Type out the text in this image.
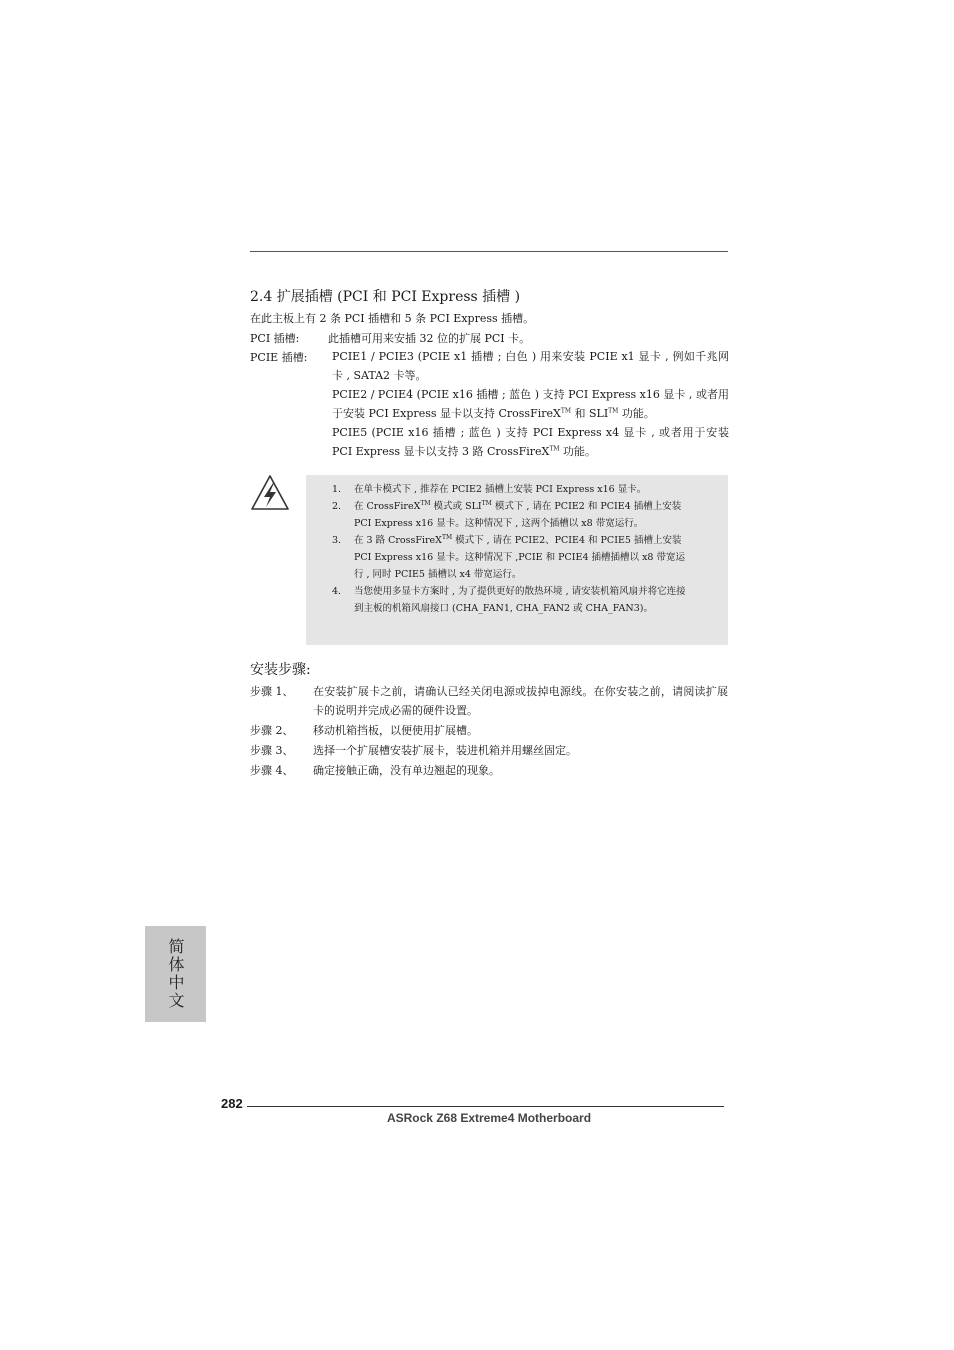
2.4 扩展插槽 (PCI 和 PCI Express 插槽 )
在此主板上有 2 条 PCI 插槽和 5 条 PCI Express 插槽。
PCI 插槽:	此插槽可用来安插 32 位的扩展 PCI 卡。
PCIE 插槽: PCIE1 / PCIE3 (PCIE x1 插槽 ; 白色 ) 用来安装 PCIE x1 显卡 , 例如千兆网卡 , SATA2 卡等。
PCIE2 / PCIE4 (PCIE x16 插槽 ; 蓝色 ) 支持 PCI Express x16 显卡 , 或者用于安装 PCI Express 显卡以支持 CrossFireX™ 和 SLI™ 功能。
PCIE5 (PCIE x16 插槽 ; 蓝色 ) 支持 PCI Express x4 显卡 , 或者用于安装 PCI Express 显卡以支持 3 路 CrossFireX™ 功能。
1. 在单卡模式下 , 推荐在 PCIE2 插槽上安装 PCI Express x16 显卡。
2. 在 CrossFireX™ 模式或 SLI™ 模式下 , 请在 PCIE2 和 PCIE4 插槽上安装 PCI Express x16 显卡。这种情况下 , 这两个插槽以 x8 带宽运行。
3. 在 3 路 CrossFireX™ 模式下 , 请在 PCIE2、PCIE4 和 PCIE5 插槽上安装 PCI Express x16 显卡。这种情况下 ,PCIE 和 PCIE4 插槽插槽以 x8 带宽运行 , 同时 PCIE5 插槽以 x4 带宽运行。
4. 当您使用多显卡方案时 , 为了提供更好的散热环境 , 请安装机箱风扇并将它连接到主板的机箱风扇接口 (CHA_FAN1, CHA_FAN2 或 CHA_FAN3)。
安装步骤:
步骤 1、 在安装扩展卡之前，请确认已经关闭电源或拔掉电源线。在你安装之前，请阅读扩展卡的说明并完成必需的硬件设置。
步骤 2、 移动机箱挡板，以便使用扩展槽。
步骤 3、 选择一个扩展槽安装扩展卡，装进机箱并用螺丝固定。
步骤 4、 确定接触正确，没有单边翘起的现象。
简体中文
282
ASRock Z68 Extreme4 Motherboard
